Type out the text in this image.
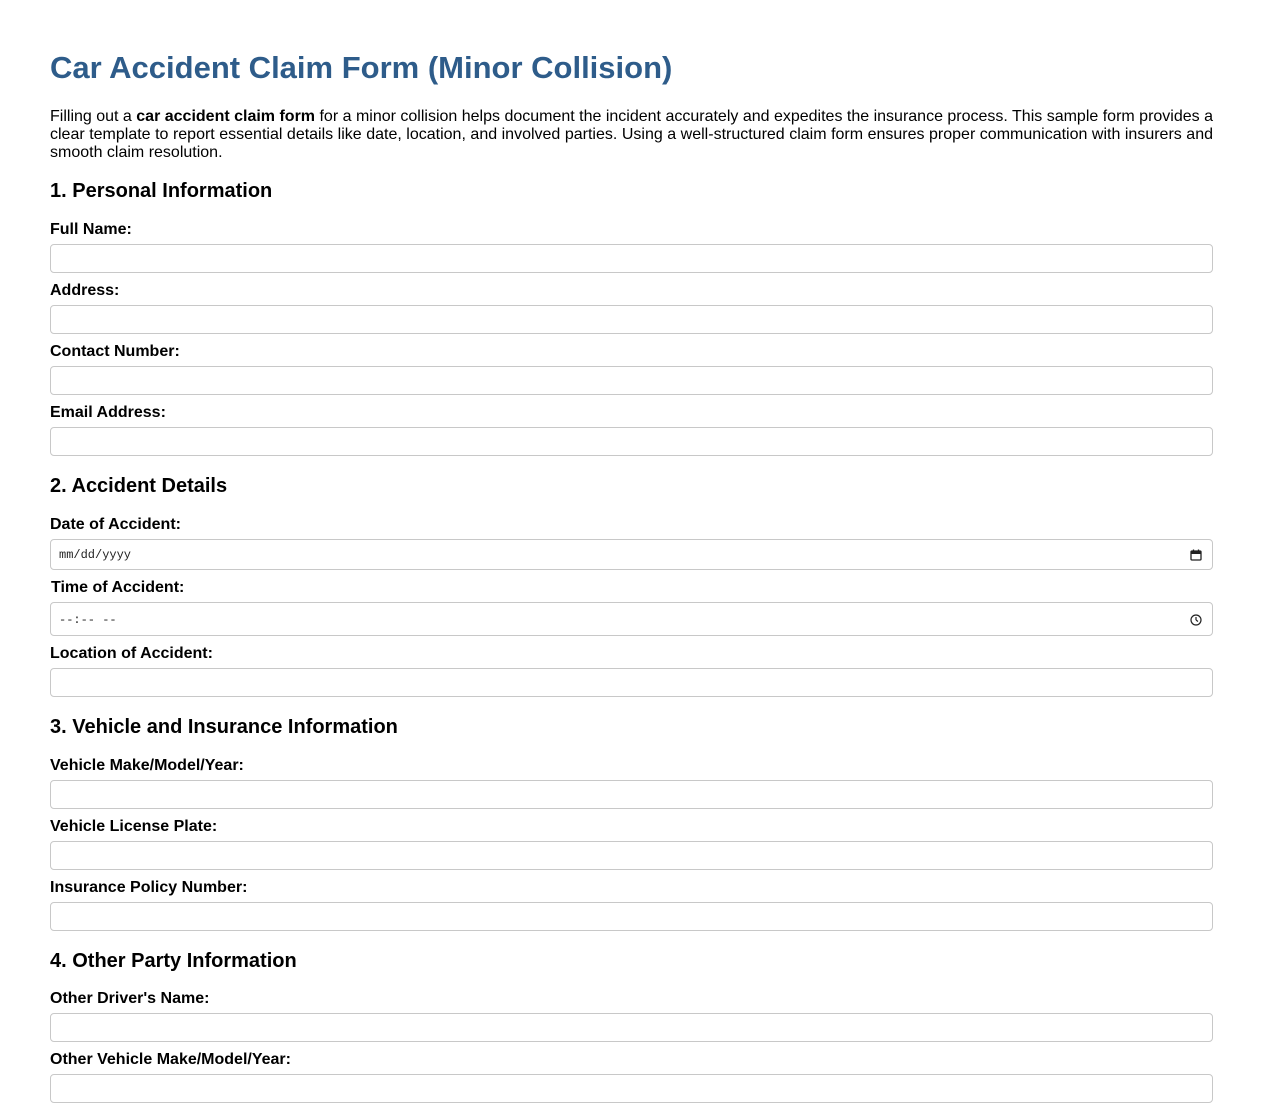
Car Accident Claim Form (Minor Collision)

Filling out a car accident claim form for a minor collision helps document the incident accurately and expedites the insurance process. This sample form provides a clear template to report essential details like date, location, and involved parties. Using a well-structured claim form ensures proper communication with insurers and smooth claim resolution.

1. Personal Information
Full Name:
Address:
Contact Number:
Email Address:
2. Accident Details
Date of Accident:
mm/dd/yyyy
Time of Accident:
--:-- --
Location of Accident:
3. Vehicle and Insurance Information
Vehicle Make/Model/Year:
Vehicle License Plate:
Insurance Policy Number:
4. Other Party Information
Other Driver's Name:
Other Vehicle Make/Model/Year:
